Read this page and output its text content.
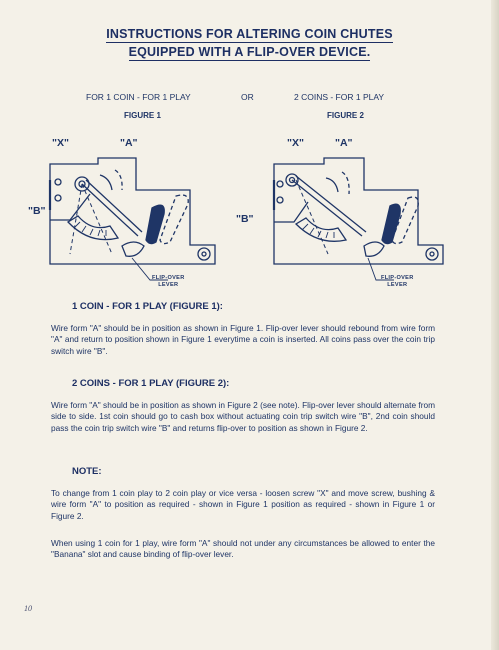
INSTRUCTIONS FOR ALTERING COIN CHUTES
EQUIPPED WITH A FLIP-OVER DEVICE.
FOR 1 COIN - FOR 1 PLAY	OR	2 COINS - FOR 1 PLAY
FIGURE 1	FIGURE 2
"X"	"A"
"B"
FLIP-OVER
LEVER
"X"	"A"
"B"
FLIP-OVER
LEVER
1 COIN - FOR 1 PLAY (FIGURE 1):
Wire form "A" should be in position as shown in Figure 1. Flip-over lever should rebound from wire form "A" and return to position shown in Figure 1 everytime a coin is inserted. All coins pass over the coin trip switch wire "B".
2 COINS - FOR 1 PLAY (FIGURE 2):
Wire form "A" should be in position as shown in Figure 2 (see note). Flip-over lever should alternate from side to side. 1st coin should go to cash box without actuating coin trip switch wire "B", 2nd coin should pass the coin trip switch wire "B" and returns flip-over to position as shown in Figure 2.
NOTE:
To change from 1 coin play to 2 coin play or vice versa - loosen screw "X" and move screw, bushing & wire form "A" to position as required - shown in Figure 1 position as required - shown in Figure 1 or Figure 2.
When using 1 coin for 1 play, wire form "A" should not under any circumstances be allowed to enter the "Banana" slot and cause binding of flip-over lever.
10
